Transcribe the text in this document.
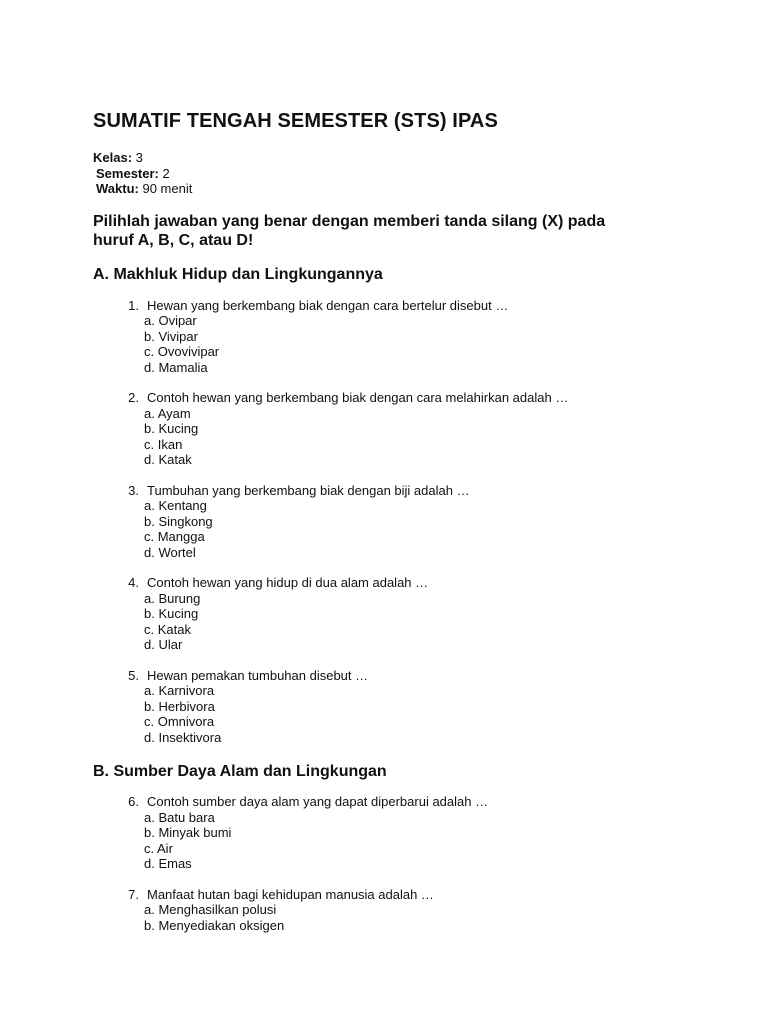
SUMATIF TENGAH SEMESTER (STS) IPAS
Kelas: 3
Semester: 2
Waktu: 90 menit
Pilihlah jawaban yang benar dengan memberi tanda silang (X) pada
huruf A, B, C, atau D!
A. Makhluk Hidup dan Lingkungannya
1. Hewan yang berkembang biak dengan cara bertelur disebut …
a. Ovipar
b. Vivipar
c. Ovovivipar
d. Mamalia
2. Contoh hewan yang berkembang biak dengan cara melahirkan adalah …
a. Ayam
b. Kucing
c. Ikan
d. Katak
3. Tumbuhan yang berkembang biak dengan biji adalah …
a. Kentang
b. Singkong
c. Mangga
d. Wortel
4. Contoh hewan yang hidup di dua alam adalah …
a. Burung
b. Kucing
c. Katak
d. Ular
5. Hewan pemakan tumbuhan disebut …
a. Karnivora
b. Herbivora
c. Omnivora
d. Insektivora
B. Sumber Daya Alam dan Lingkungan
6. Contoh sumber daya alam yang dapat diperbarui adalah …
a. Batu bara
b. Minyak bumi
c. Air
d. Emas
7. Manfaat hutan bagi kehidupan manusia adalah …
a. Menghasilkan polusi
b. Menyediakan oksigen
